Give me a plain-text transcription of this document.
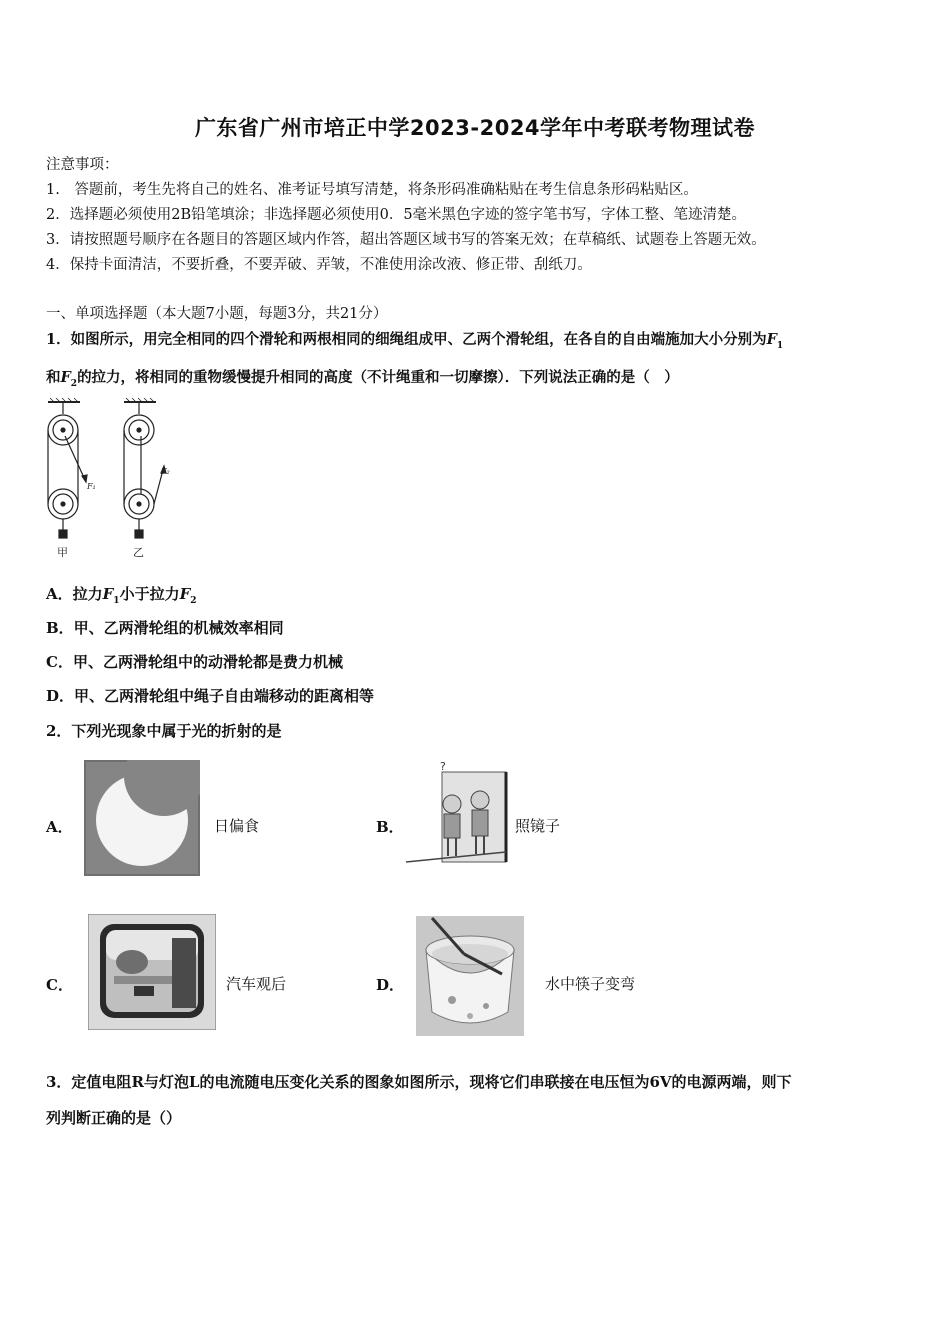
广东省广州市培正中学2023-2024学年中考联考物理试卷
注意事项：
1.　答题前，考生先将自己的姓名、准考证号填写清楚，将条形码准确粘贴在考生信息条形码粘贴区。
2．选择题必须使用2B铅笔填涂；非选择题必须使用0．5毫米黑色字迹的签字笔书写，字体工整、笔迹清楚。
3．请按照题号顺序在各题目的答题区域内作答，超出答题区域书写的答案无效；在草稿纸、试题卷上答题无效。
4．保持卡面清洁，不要折叠，不要弄破、弄皱，不准使用涂改液、修正带、刮纸刀。
一、单项选择题（本大题7小题，每题3分，共21分）
1．如图所示，用完全相同的四个滑轮和两根相同的细绳组成甲、乙两个滑轮组，在各自的自由端施加大小分别为$F_1$
和$F_2$的拉力，将相同的重物缓慢提升相同的高度（不计绳重和一切摩擦）．下列说法正确的是（　）
F₁
F₂
甲	乙
A．拉力$F_1$小于拉力$F_2$
B．甲、乙两滑轮组的机械效率相同
C．甲、乙两滑轮组中的动滑轮都是费力机械
D．甲、乙两滑轮组中绳子自由端移动的距离相等
2．下列光现象中属于光的折射的是
A．	日偏食	B．
?
照镜子
C．	汽车观后	D．	水中筷子变弯
3．定值电阻R与灯泡L的电流随电压变化关系的图象如图所示，现将它们串联接在电压恒为6V的电源两端，则下
列判断正确的是（）
